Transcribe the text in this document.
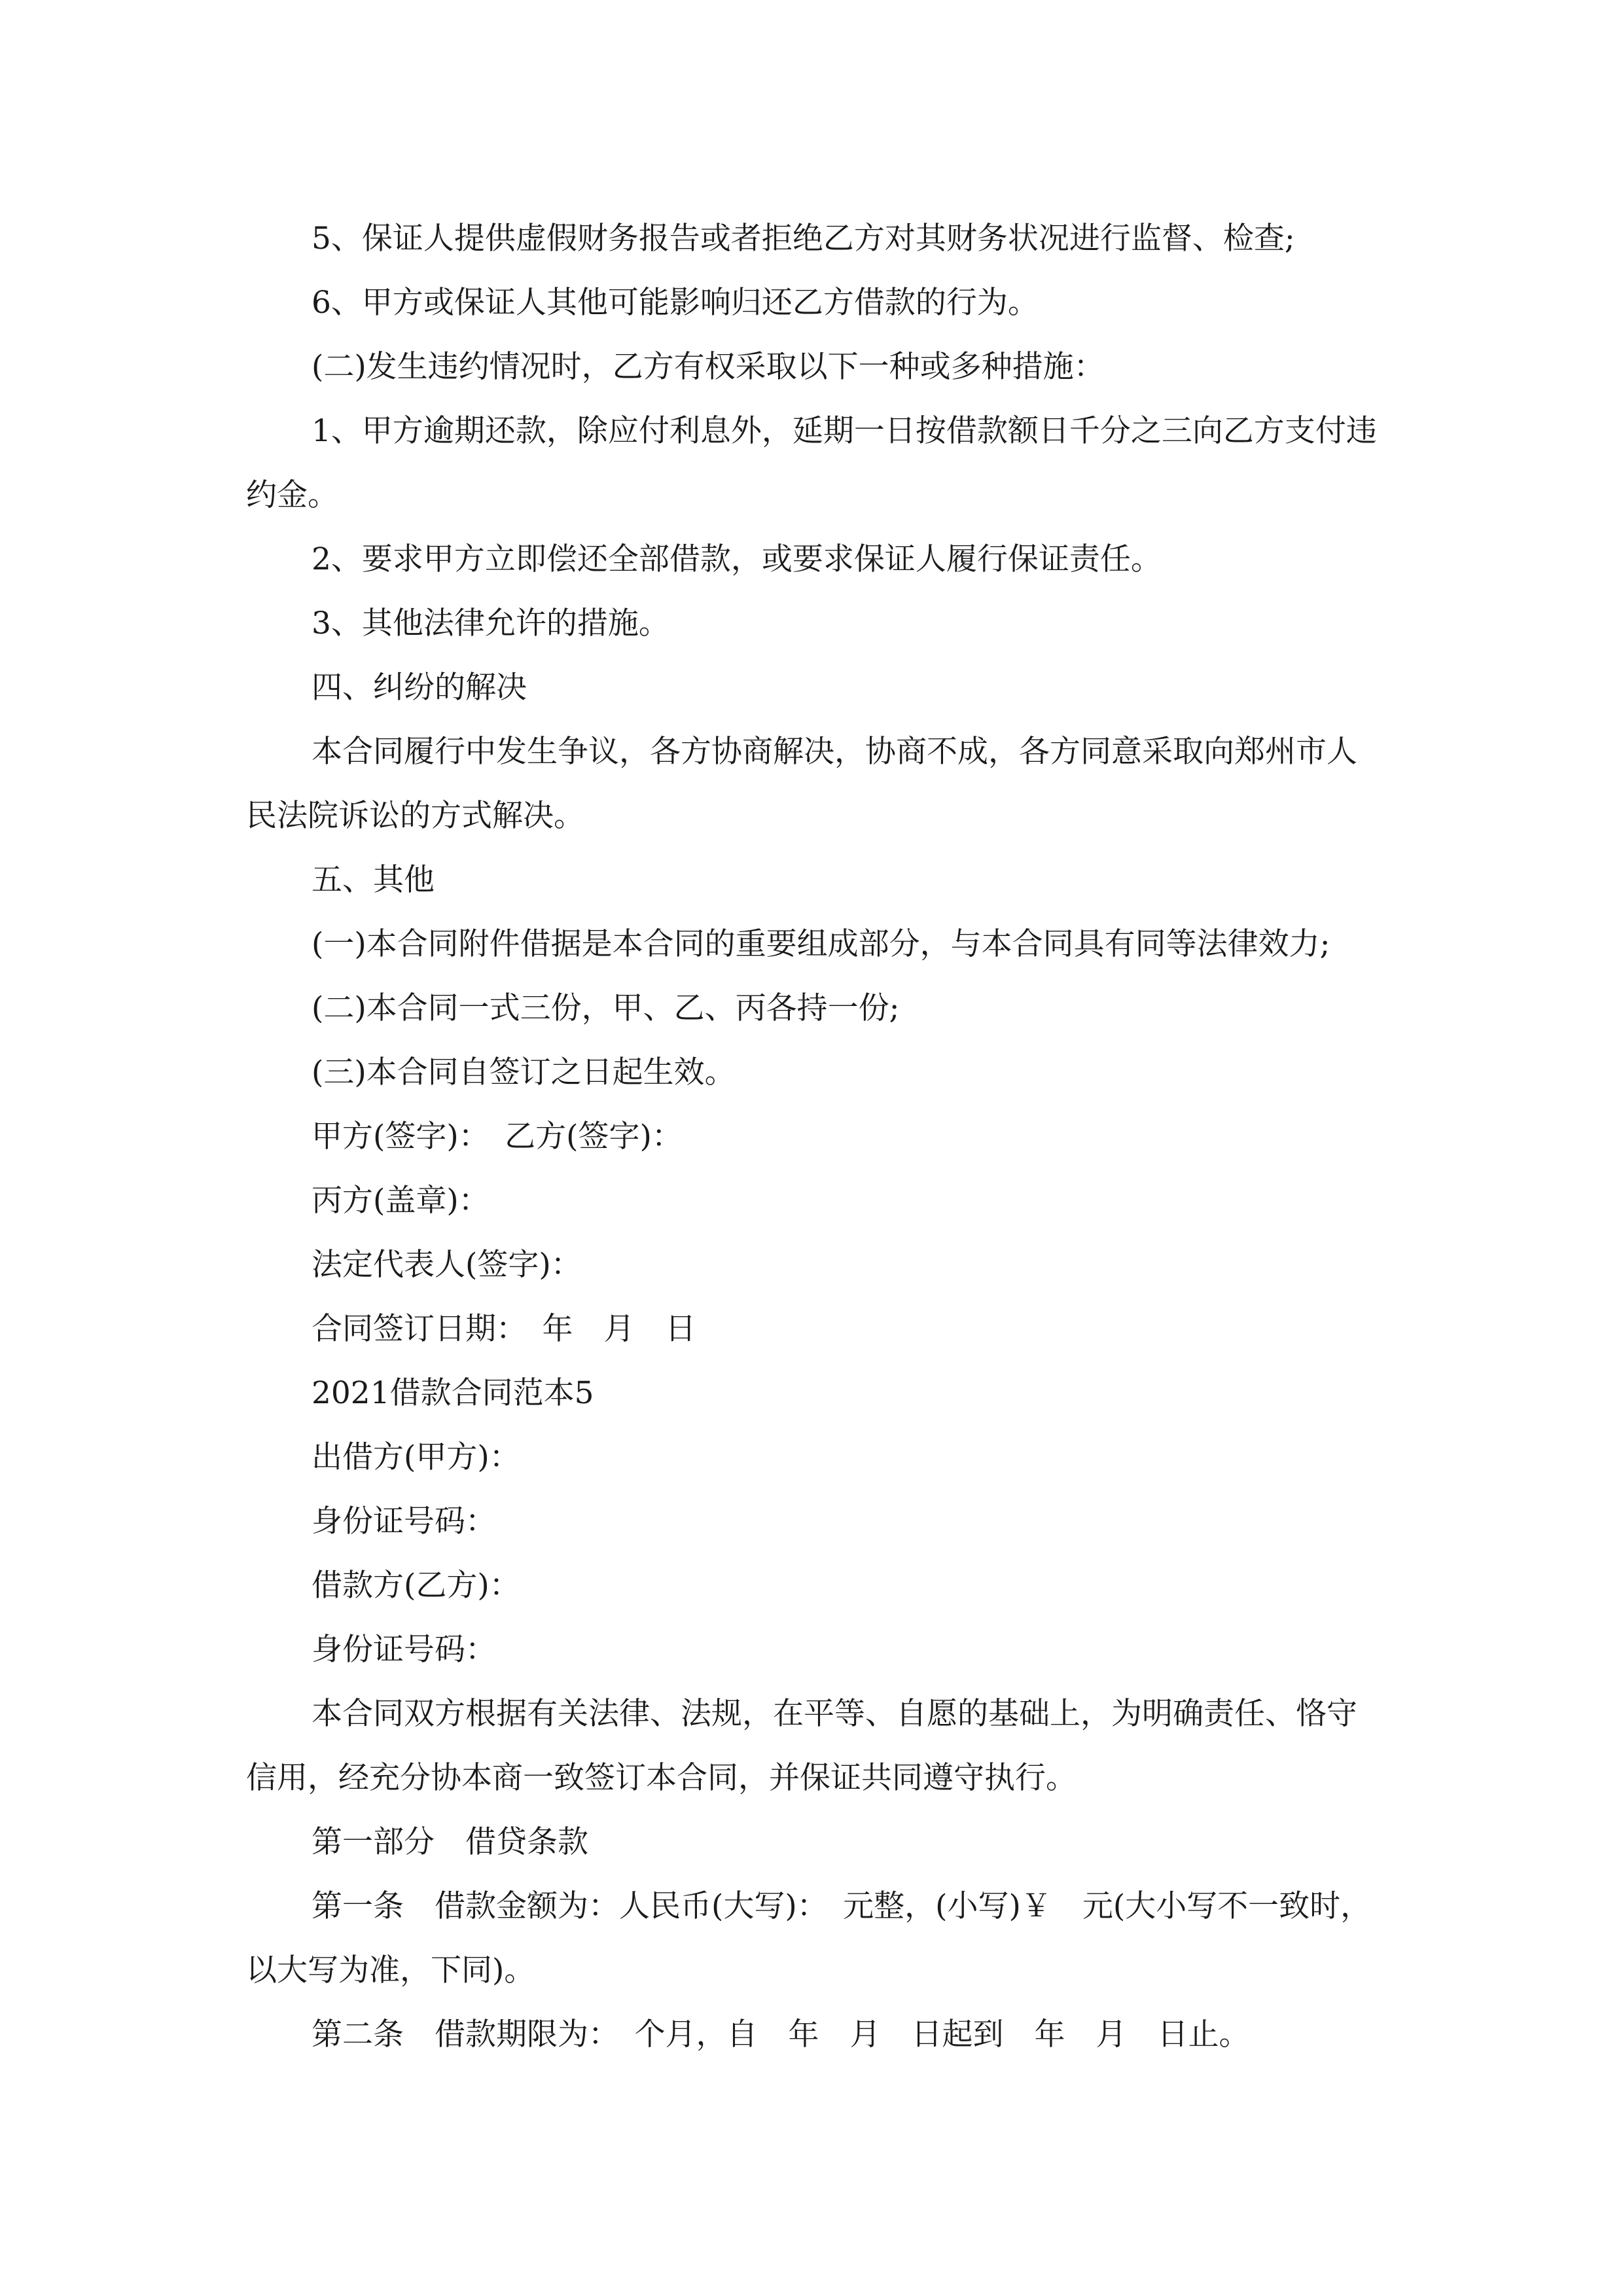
5、保证人提供虚假财务报告或者拒绝乙方对其财务状况进行监督、检查;

6、甲方或保证人其他可能影响归还乙方借款的行为。

(二)发生违约情况时，乙方有权采取以下一种或多种措施：

1、甲方逾期还款，除应付利息外，延期一日按借款额日千分之三向乙方支付违约金。

2、要求甲方立即偿还全部借款，或要求保证人履行保证责任。

3、其他法律允许的措施。

四、纠纷的解决

本合同履行中发生争议，各方协商解决，协商不成，各方同意采取向郑州市人民法院诉讼的方式解决。

五、其他

(一)本合同附件借据是本合同的重要组成部分，与本合同具有同等法律效力;

(二)本合同一式三份，甲、乙、丙各持一份;

(三)本合同自签订之日起生效。

甲方(签字)：　乙方(签字)：

丙方(盖章)：

法定代表人(签字)：

合同签订日期：　年　月　日

2021借款合同范本5

出借方(甲方)：

身份证号码：

借款方(乙方)：

身份证号码：

本合同双方根据有关法律、法规，在平等、自愿的基础上，为明确责任、恪守信用，经充分协本商一致签订本合同，并保证共同遵守执行。

第一部分　借贷条款

第一条　借款金额为：人民币(大写)：　元整，(小写)￥　元(大小写不一致时，以大写为准，下同)。

第二条　借款期限为：　个月，自　年　月　日起到　年　月　日止。
